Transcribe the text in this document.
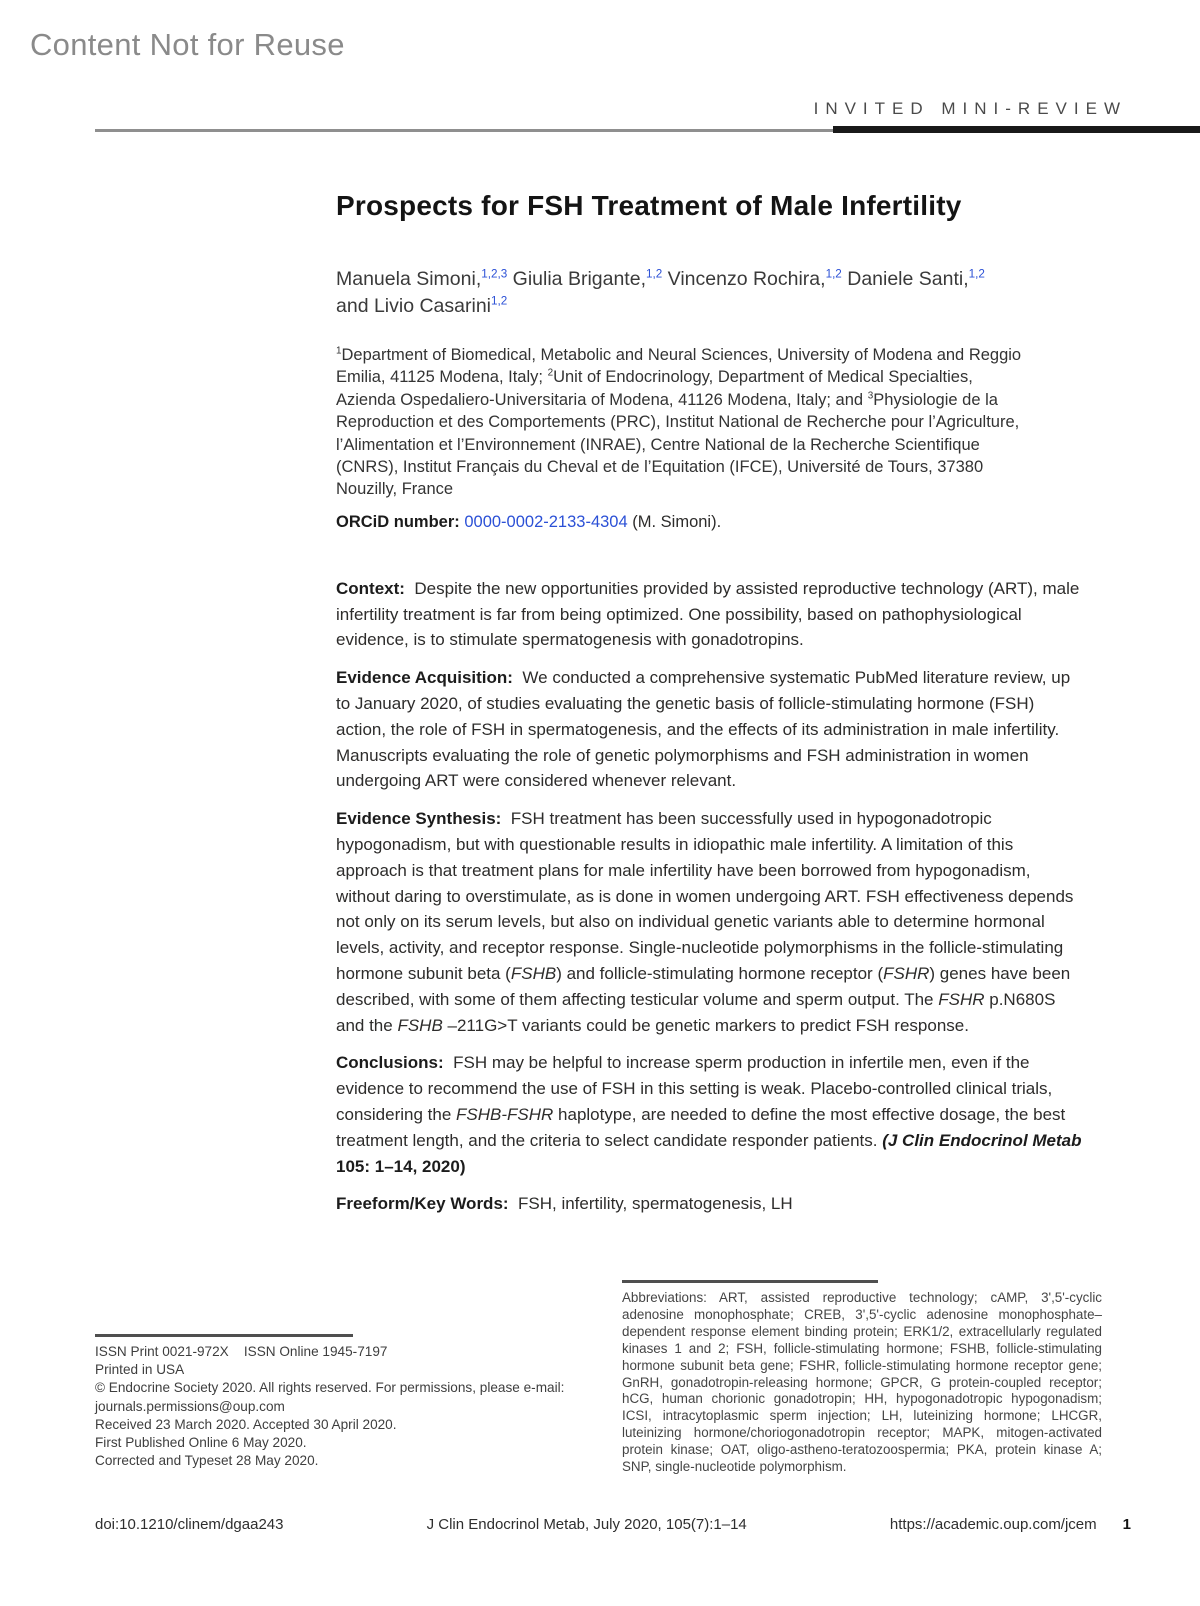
Content Not for Reuse
INVITED MINI-REVIEW
Prospects for FSH Treatment of Male Infertility
Manuela Simoni,$^{1,2,3}$ Giulia Brigante,$^{1,2}$ Vincenzo Rochira,$^{1,2}$ Daniele Santi,$^{1,2}$
and Livio Casarini$^{1,2}$
$^1$Department of Biomedical, Metabolic and Neural Sciences, University of Modena and Reggio Emilia, 41125 Modena, Italy; $^2$Unit of Endocrinology, Department of Medical Specialties, Azienda Ospedaliero-Universitaria of Modena, 41126 Modena, Italy; and $^3$Physiologie de la Reproduction et des Comportements (PRC), Institut National de Recherche pour l’Agriculture, l’Alimentation et l’Environnement (INRAE), Centre National de la Recherche Scientifique (CNRS), Institut Français du Cheval et de l’Equitation (IFCE), Université de Tours, 37380 Nouzilly, France
ORCiD number: 0000-0002-2133-4304 (M. Simoni).

Context:  Despite the new opportunities provided by assisted reproductive technology (ART), male infertility treatment is far from being optimized. One possibility, based on pathophysiological evidence, is to stimulate spermatogenesis with gonadotropins.

Evidence Acquisition:  We conducted a comprehensive systematic PubMed literature review, up to January 2020, of studies evaluating the genetic basis of follicle-stimulating hormone (FSH) action, the role of FSH in spermatogenesis, and the effects of its administration in male infertility. Manuscripts evaluating the role of genetic polymorphisms and FSH administration in women undergoing ART were considered whenever relevant.

Evidence Synthesis:  FSH treatment has been successfully used in hypogonadotropic hypogonadism, but with questionable results in idiopathic male infertility. A limitation of this approach is that treatment plans for male infertility have been borrowed from hypogonadism, without daring to overstimulate, as is done in women undergoing ART. FSH effectiveness depends not only on its serum levels, but also on individual genetic variants able to determine hormonal levels, activity, and receptor response. Single-nucleotide polymorphisms in the follicle-stimulating hormone subunit beta (FSHB) and follicle-stimulating hormone receptor (FSHR) genes have been described, with some of them affecting testicular volume and sperm output. The FSHR p.N680S and the FSHB –211G>T variants could be genetic markers to predict FSH response.

Conclusions:  FSH may be helpful to increase sperm production in infertile men, even if the evidence to recommend the use of FSH in this setting is weak. Placebo-controlled clinical trials, considering the FSHB-FSHR haplotype, are needed to define the most effective dosage, the best treatment length, and the criteria to select candidate responder patients. (J Clin Endocrinol Metab 105: 1–14, 2020)

Freeform/Key Words:  FSH, infertility, spermatogenesis, LH

Abbreviations: ART, assisted reproductive technology; cAMP, 3',5'-cyclic adenosine monophosphate; CREB, 3',5'-cyclic adenosine monophosphate–dependent response element binding protein; ERK1/2, extracellularly regulated kinases 1 and 2; FSH, follicle-stimulating hormone; FSHB, follicle-stimulating hormone subunit beta gene; FSHR, follicle-stimulating hormone receptor gene; GnRH, gonadotropin-releasing hormone; GPCR, G protein-coupled receptor; hCG, human chorionic gonadotropin; HH, hypogonadotropic hypogonadism; ICSI, intracytoplasmic sperm injection; LH, luteinizing hormone; LHCGR, luteinizing hormone/choriogonadotropin receptor; MAPK, mitogen-activated protein kinase; OAT, oligo-astheno-teratozoospermia; PKA, protein kinase A; SNP, single-nucleotide polymorphism.
ISSN Print 0021-972X    ISSN Online 1945-7197
Printed in USA
© Endocrine Society 2020. All rights reserved. For permissions, please e-mail: journals.permissions@oup.com
Received 23 March 2020. Accepted 30 April 2020.
First Published Online 6 May 2020.
Corrected and Typeset 28 May 2020.
doi:10.1210/clinem/dgaa243	J Clin Endocrinol Metab, July 2020, 105(7):1–14	https://academic.oup.com/jcem 1
